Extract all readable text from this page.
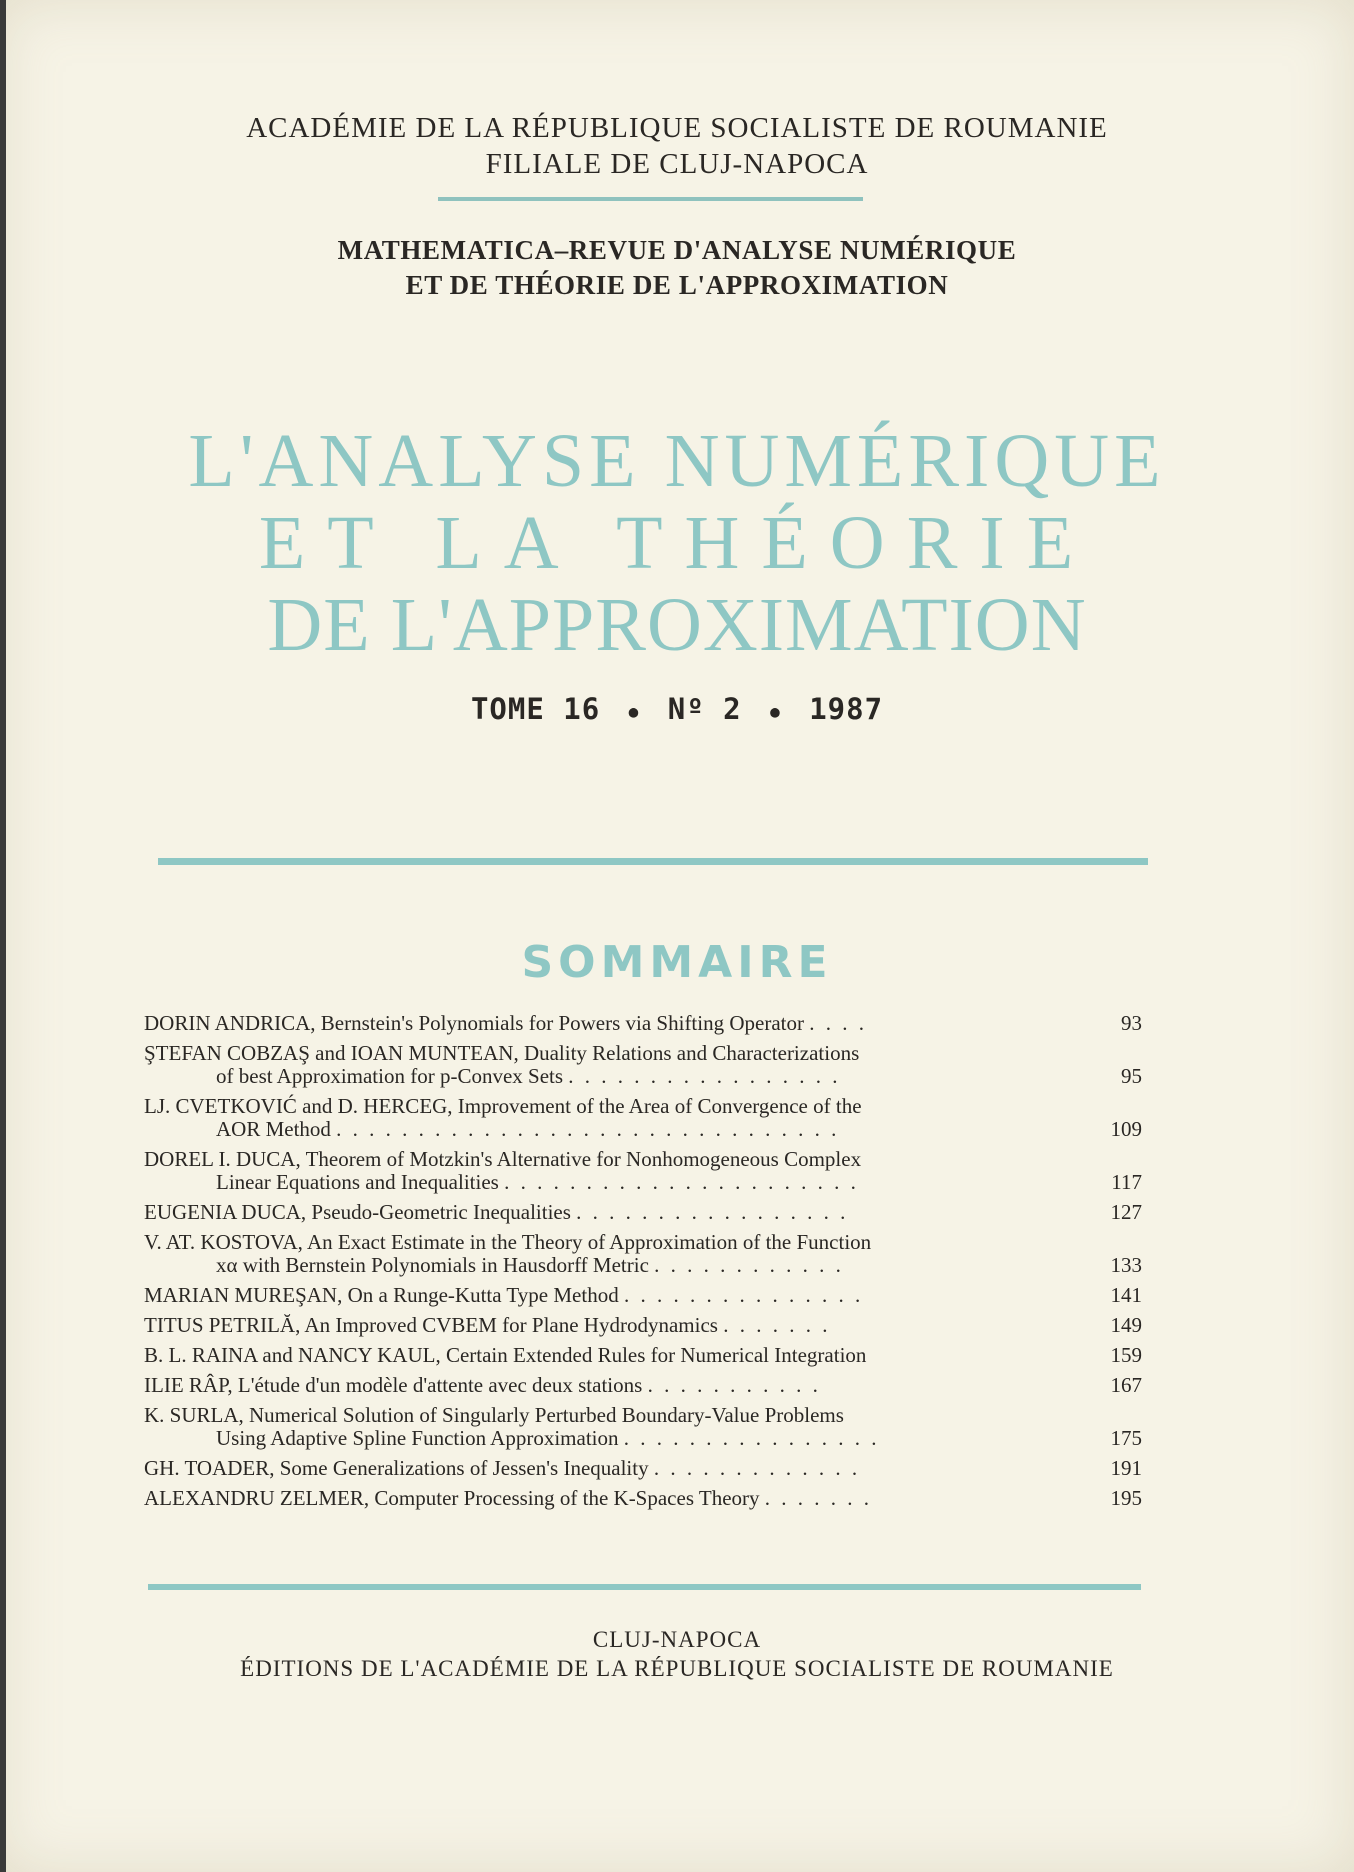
ACADÉMIE DE LA RÉPUBLIQUE SOCIALISTE DE ROUMANIE
FILIALE DE CLUJ-NAPOCA
MATHEMATICA–REVUE D'ANALYSE NUMÉRIQUE
ET DE THÉORIE DE L'APPROXIMATION
L'ANALYSE NUMÉRIQUE
ET LA THÉORIE
DE L'APPROXIMATION
TOME 16 ● Nº 2 ● 1987
SOMMAIRE
DORIN ANDRICA, Bernstein's Polynomials for Powers via Shifting Operator . . . .	93
ŞTEFAN COBZAŞ and IOAN MUNTEAN, Duality Relations and Characterizations
of best Approximation for p-Convex Sets . . . . . . . . . . . . . . . . .	95
LJ. CVETKOVIĆ and D. HERCEG, Improvement of the Area of Convergence of the
AOR Method . . . . . . . . . . . . . . . . . . . . . . . . . . . . . . .	109
DOREL I. DUCA, Theorem of Motzkin's Alternative for Nonhomogeneous Complex
Linear Equations and Inequalities . . . . . . . . . . . . . . . . . . . . . .	117
EUGENIA DUCA, Pseudo-Geometric Inequalities . . . . . . . . . . . . . . . . .	127
V. AT. KOSTOVA, An Exact Estimate in the Theory of Approximation of the Function
xα with Bernstein Polynomials in Hausdorff Metric . . . . . . . . . . . .	133
MARIAN MUREŞAN, On a Runge-Kutta Type Method . . . . . . . . . . . . . . .	141
TITUS PETRILĂ, An Improved CVBEM for Plane Hydrodynamics . . . . . . .	149
B. L. RAINA and NANCY KAUL, Certain Extended Rules for Numerical Integration	159
ILIE RÂP, L'étude d'un modèle d'attente avec deux stations . . . . . . . . . . .	167
K. SURLA, Numerical Solution of Singularly Perturbed Boundary-Value Problems
Using Adaptive Spline Function Approximation . . . . . . . . . . . . . . . .	175
GH. TOADER, Some Generalizations of Jessen's Inequality . . . . . . . . . . . . .	191
ALEXANDRU ZELMER, Computer Processing of the K-Spaces Theory . . . . . . .	195
CLUJ-NAPOCA
ÉDITIONS DE L'ACADÉMIE DE LA RÉPUBLIQUE SOCIALISTE DE ROUMANIE
